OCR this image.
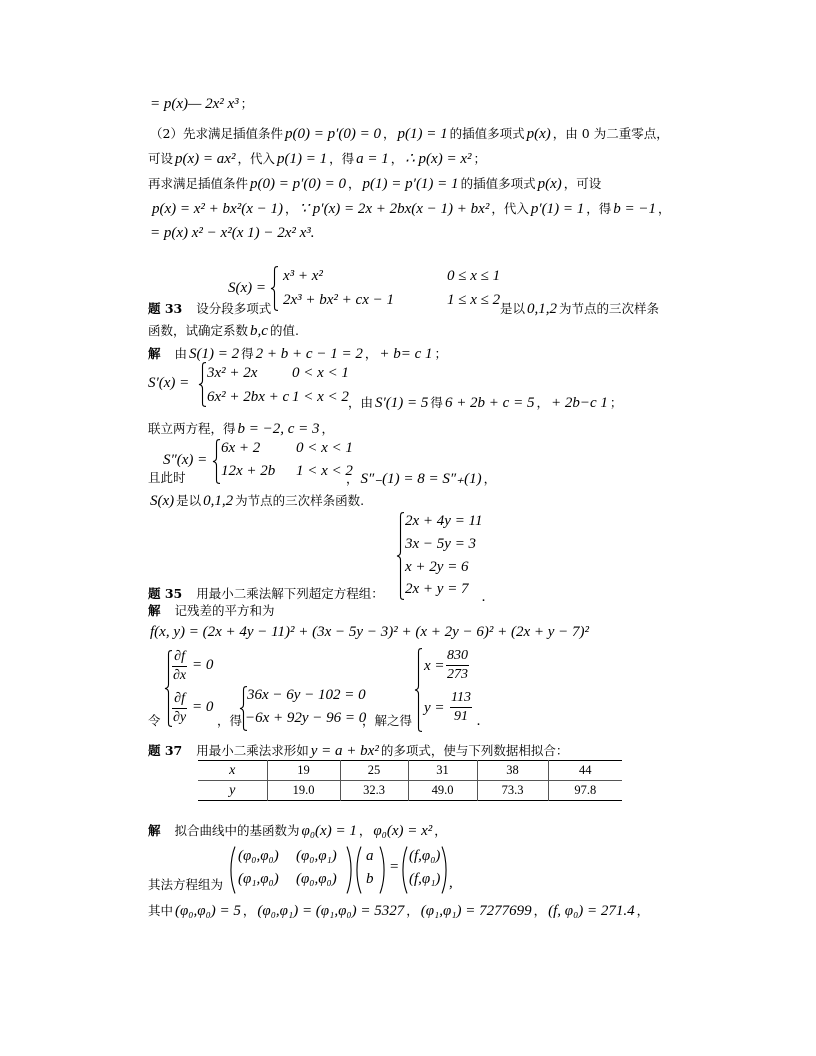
= p(x)— 2x² x³ ；
（2）先求满足插值条件 p(0) = p′(0) = 0 ， p(1) = 1 的插值多项式 p(x) ，由 0 为二重零点，
可设 p(x) = ax² ，代入 p(1) = 1 ，得 a = 1 ， ∴ p(x) = x² ；
再求满足插值条件 p(0) = p′(0) = 0 ， p(1) = p′(1) = 1 的插值多项式 p(x) ，可设
p(x) = x² + bx²(x − 1) ， ∵ p′(x) = 2x + 2bx(x − 1) + bx² ，代入 p′(1) = 1 ，得 b = −1 ，
= p(x) x² − x²(x 1) − 2x² x³.
S(x) =
x³ + x²	0 ≤ x ≤ 1
2x³ + bx² + cx − 1	1 ≤ x ≤ 2
题 33 设分段多项式	是以 0,1,2 为节点的三次样条
函数，试确定系数 b,c 的值.
解 由 S(1) = 2 得 2 + b + c − 1 = 2 ， + b= c 1 ；
S′(x) =
3x² + 2x 0 < x < 1
6x² + 2bx + c 1 < x < 2 ，由 S′(1) = 5 得 6 + 2b + c = 5 ， + 2b−c 1 ；
联立两方程，得 b = −2, c = 3 ，
S″(x) =
6x + 2 0 < x < 1
12x + 2b 1 < x < 2
且此时	， S″₋(1) = 8 = S″₊(1) ，
S(x) 是以 0,1,2 为节点的三次样条函数.
2x + 4y = 11
3x − 5y = 3
x + 2y = 6
2x + y = 7 .
题 35 用最小二乘法解下列超定方程组：
解 记残差的平方和为
f(x, y) = (2x + 4y − 11)² + (3x − 5y − 3)² + (x + 2y − 6)² + (2x + y − 7)²
$\frac{\partial f}{\partial x} = 0$
$\frac{\partial f}{\partial y} = 0$
令	，得
36x − 6y − 102 = 0
−6x + 92y − 96 = 0
，解之得
$x = \frac{830}{273}$
$y = \frac{113}{91}$ .
题 37 用最小二乘法求形如 y = a + bx² 的多项式，使与下列数据相拟合：
x	19	25	31	38	44
y	19.0	32.3	49.0	73.3	97.8
解 拟合曲线中的基函数为 φ₀(x) = 1 ， φ₀(x) = x² ，
其法方程组为
(φ₀,φ₀) (φ₀,φ₁)
(φ₁,φ₀) (φ₀,φ₀)
a
b
=
(f,φ₀)
(f,φ₁) ,
其中 (φ₀,φ₀) = 5 ， (φ₀,φ₁) = (φ₁,φ₀) = 5327 ， (φ₁,φ₁) = 7277699 ， (f, φ₀) = 271.4 ，
